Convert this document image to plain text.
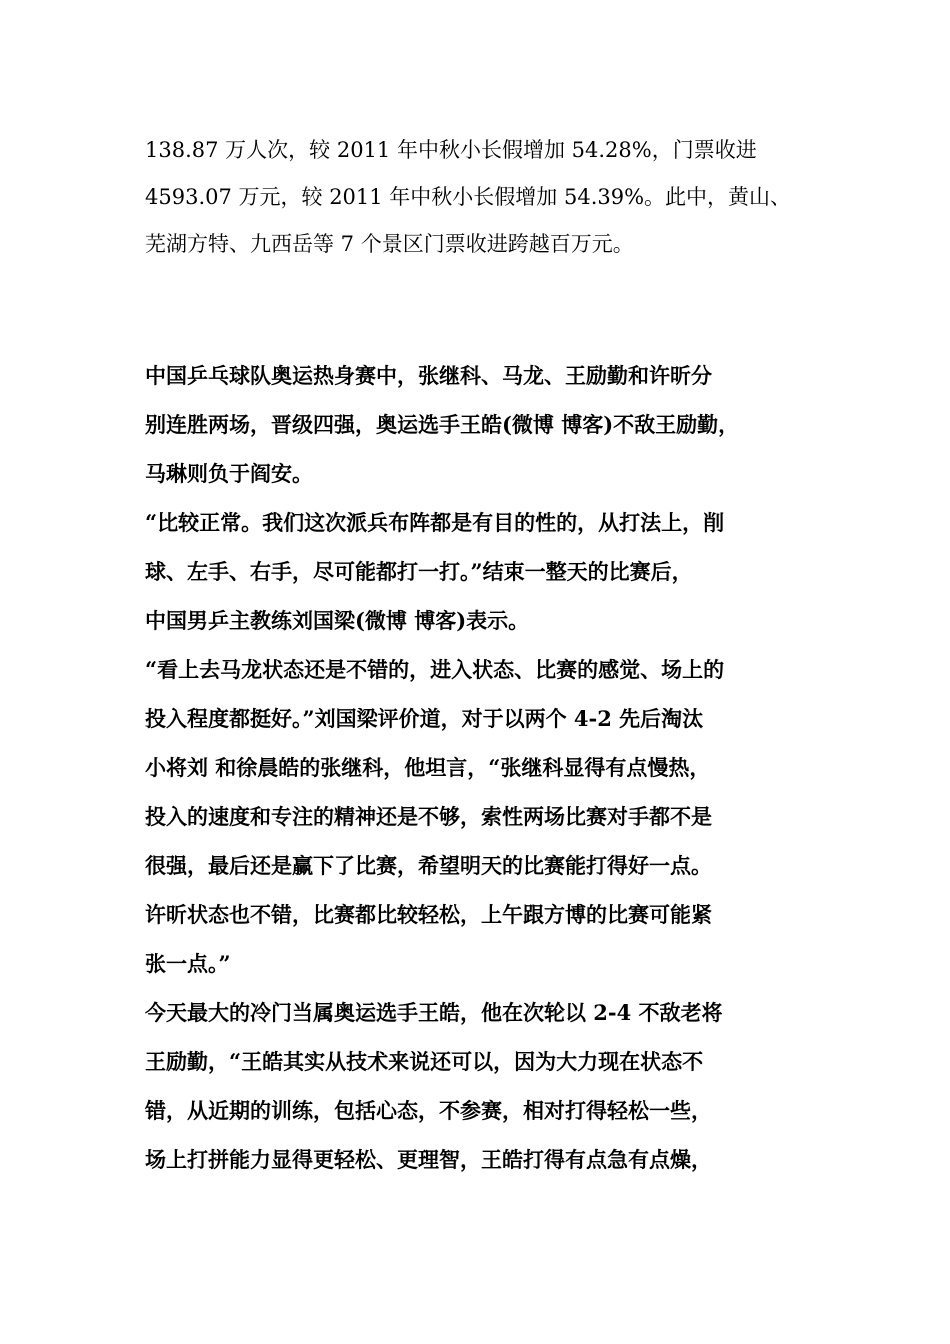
138.87 万人次，较 2011 年中秋小长假增加 54.28%，门票收进
4593.07 万元，较 2011 年中秋小长假增加 54.39%。此中，黄山、
芜湖方特、九西岳等 7 个景区门票收进跨越百万元。
中国乒乓球队奥运热身赛中，张继科、马龙、王励勤和许昕分
别连胜两场，晋级四强，奥运选手王皓(微博 博客)不敌王励勤，
马琳则负于阎安。
“比较正常。我们这次派兵布阵都是有目的性的，从打法上，削
球、左手、右手，尽可能都打一打。”结束一整天的比赛后，
中国男乒主教练刘国梁(微博 博客)表示。
“看上去马龙状态还是不错的，进入状态、比赛的感觉、场上的
投入程度都挺好。”刘国梁评价道，对于以两个 4-2 先后淘汰
小将刘 和徐晨皓的张继科，他坦言，“张继科显得有点慢热，
投入的速度和专注的精神还是不够，索性两场比赛对手都不是
很强，最后还是赢下了比赛，希望明天的比赛能打得好一点。
许昕状态也不错，比赛都比较轻松，上午跟方博的比赛可能紧
张一点。”
今天最大的冷门当属奥运选手王皓，他在次轮以 2-4 不敌老将
王励勤，“王皓其实从技术来说还可以，因为大力现在状态不
错，从近期的训练，包括心态，不参赛，相对打得轻松一些，
场上打拼能力显得更轻松、更理智，王皓打得有点急有点燥，
